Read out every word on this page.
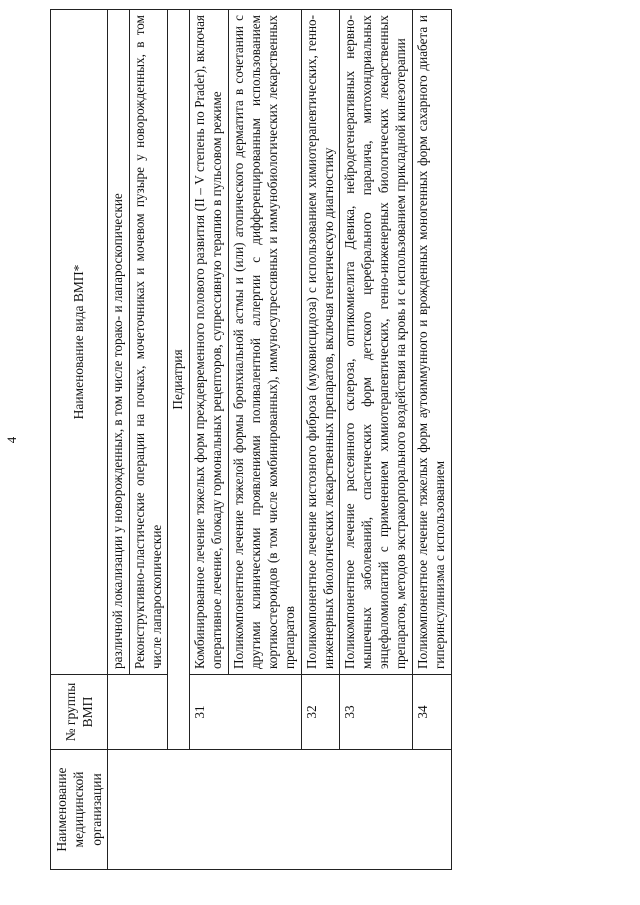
4
Наименование медицинской организации	№ группы ВМП	Наименование вида ВМП*
		различной локализации у новорожденных, в том числе торако- и лапароскопические
		Реконструктивно-пластические операции на почках, мочеточниках и мочевом пузыре у новорожденных, в том числе лапароскопические
	Педиатрия	
	31	Комбинированное лечение тяжелых форм преждевременного полового развития (II – V степень по Prader), включая оперативное лечение, блокаду гормональных рецепторов, супрессивную терапию в пульсовом режиме
		Поликомпонентное лечение тяжелой формы бронхиальной астмы и (или) атопического дерматита в сочетании с другими клиническими проявлениями поливалентной аллергии с дифференцированным использованием кортикостероидов (в том числе комбинированных), иммуносупрессивных и иммунобиологических лекарственных препаратов
	32	Поликомпонентное лечение кистозного фиброза (муковисцидоза) с использованием химиотерапевтических, генно-инженерных биологических лекарственных препаратов, включая генетическую диагностику
	33	Поликомпонентное лечение рассеянного склероза, оптикомиелита Девика, нейродегенеративных нервно-мышечных заболеваний, спастических форм детского церебрального паралича, митохондриальных энцефаломиопатий с применением химиотерапевтических, генно-инженерных биологических лекарственных препаратов, методов экстракорпорального воздействия на кровь и с использованием прикладной кинезотерапии
	34	Поликомпонентное лечение тяжелых форм аутоиммунного и врожденных моногенных форм сахарного диабета и гиперинсулинизма с использованием
